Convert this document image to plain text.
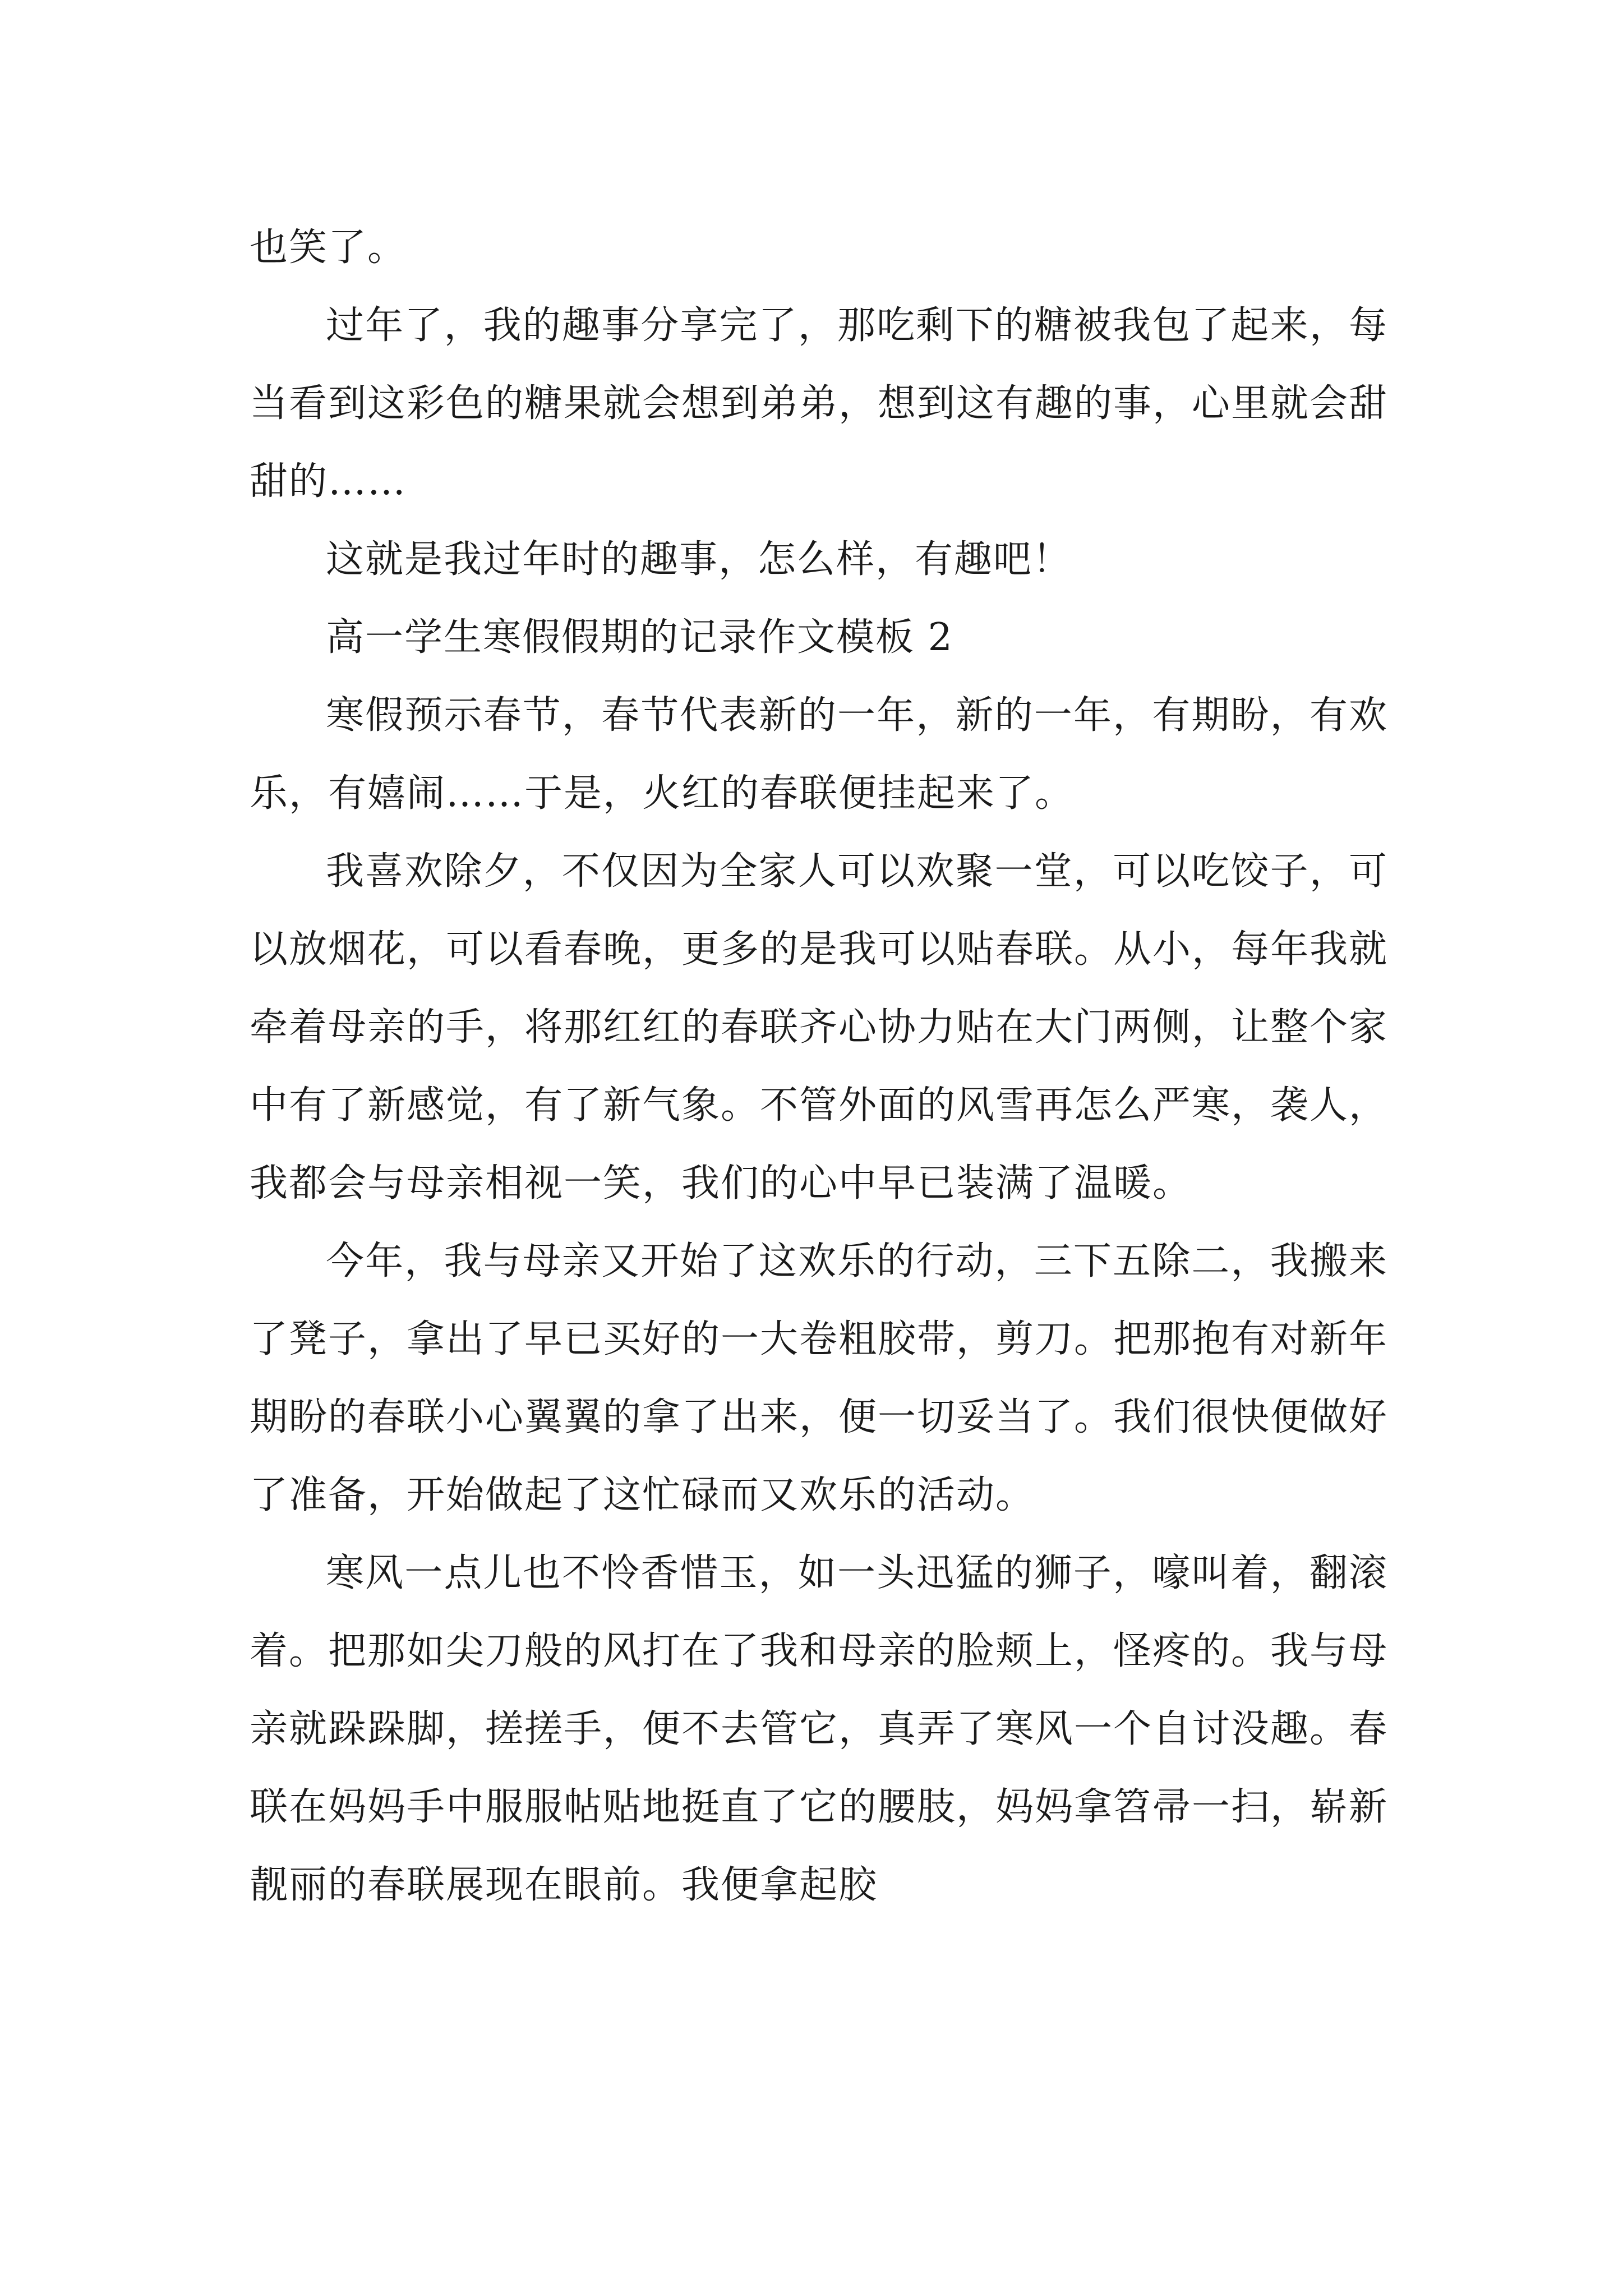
也笑了。

过年了，我的趣事分享完了，那吃剩下的糖被我包了起来，每当看到这彩色的糖果就会想到弟弟，想到这有趣的事，心里就会甜甜的……

这就是我过年时的趣事，怎么样，有趣吧！

高一学生寒假假期的记录作文模板 2

寒假预示春节，春节代表新的一年，新的一年，有期盼，有欢乐，有嬉闹……于是，火红的春联便挂起来了。

我喜欢除夕，不仅因为全家人可以欢聚一堂，可以吃饺子，可以放烟花，可以看春晚，更多的是我可以贴春联。从小，每年我就牵着母亲的手，将那红红的春联齐心协力贴在大门两侧，让整个家中有了新感觉，有了新气象。不管外面的风雪再怎么严寒，袭人，我都会与母亲相视一笑，我们的心中早已装满了温暖。

今年，我与母亲又开始了这欢乐的行动，三下五除二，我搬来了凳子，拿出了早已买好的一大卷粗胶带，剪刀。把那抱有对新年期盼的春联小心翼翼的拿了出来，便一切妥当了。我们很快便做好了准备，开始做起了这忙碌而又欢乐的活动。

寒风一点儿也不怜香惜玉，如一头迅猛的狮子，嚎叫着，翻滚着。把那如尖刀般的风打在了我和母亲的脸颊上，怪疼的。我与母亲就跺跺脚，搓搓手，便不去管它，真弄了寒风一个自讨没趣。春联在妈妈手中服服帖贴地挺直了它的腰肢，妈妈拿笤帚一扫，崭新靓丽的春联展现在眼前。我便拿起胶
